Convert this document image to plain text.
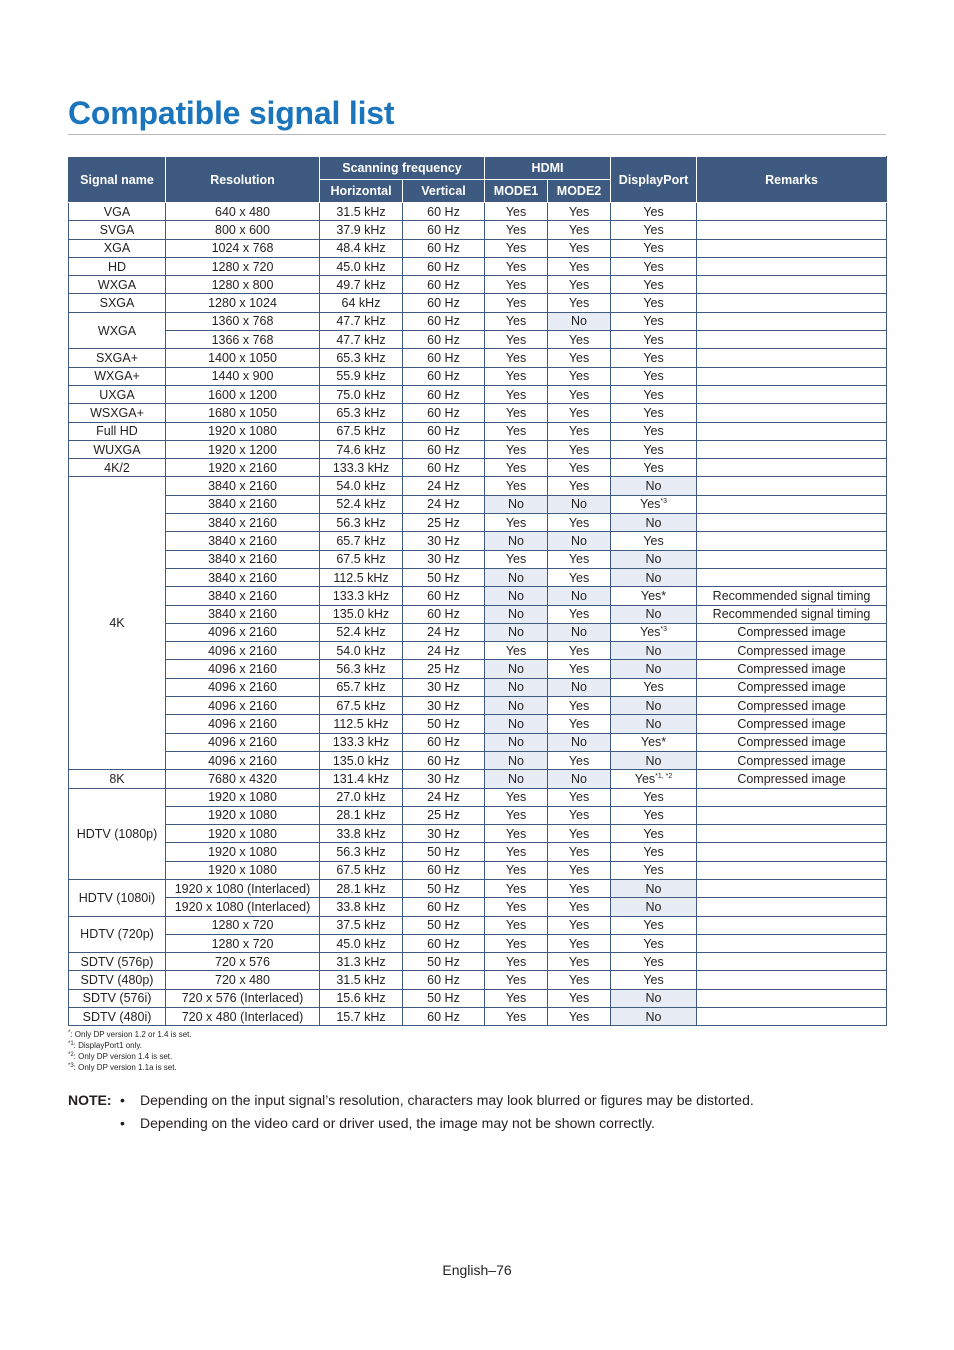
Compatible signal list
Signal name	Resolution	Scanning frequency		HDMI		DisplayPort	Remarks
		Horizontal	Vertical	MODE1	MODE2		
VGA	640 x 480	31.5 kHz	60 Hz	Yes	Yes	Yes	
SVGA	800 x 600	37.9 kHz	60 Hz	Yes	Yes	Yes	
XGA	1024 x 768	48.4 kHz	60 Hz	Yes	Yes	Yes	
HD	1280 x 720	45.0 kHz	60 Hz	Yes	Yes	Yes	
WXGA	1280 x 800	49.7 kHz	60 Hz	Yes	Yes	Yes	
SXGA	1280 x 1024	64 kHz	60 Hz	Yes	Yes	Yes	
WXGA	1360 x 768	47.7 kHz	60 Hz	Yes	No	Yes	
	1366 x 768	47.7 kHz	60 Hz	Yes	Yes	Yes	
SXGA+	1400 x 1050	65.3 kHz	60 Hz	Yes	Yes	Yes	
WXGA+	1440 x 900	55.9 kHz	60 Hz	Yes	Yes	Yes	
UXGA	1600 x 1200	75.0 kHz	60 Hz	Yes	Yes	Yes	
WSXGA+	1680 x 1050	65.3 kHz	60 Hz	Yes	Yes	Yes	
Full HD	1920 x 1080	67.5 kHz	60 Hz	Yes	Yes	Yes	
WUXGA	1920 x 1200	74.6 kHz	60 Hz	Yes	Yes	Yes	
4K/2	1920 x 2160	133.3 kHz	60 Hz	Yes	Yes	Yes	
4K	3840 x 2160	54.0 kHz	24 Hz	Yes	Yes	No	
	3840 x 2160	52.4 kHz	24 Hz	No	No	Yes$^{*3}$	
	3840 x 2160	56.3 kHz	25 Hz	Yes	Yes	No	
	3840 x 2160	65.7 kHz	30 Hz	No	No	Yes	
	3840 x 2160	67.5 kHz	30 Hz	Yes	Yes	No	
	3840 x 2160	112.5 kHz	50 Hz	No	Yes	No	
	3840 x 2160	133.3 kHz	60 Hz	No	No	Yes*	Recommended signal timing
	3840 x 2160	135.0 kHz	60 Hz	No	Yes	No	Recommended signal timing
	4096 x 2160	52.4 kHz	24 Hz	No	No	Yes$^{*3}$	Compressed image
	4096 x 2160	54.0 kHz	24 Hz	Yes	Yes	No	Compressed image
	4096 x 2160	56.3 kHz	25 Hz	No	Yes	No	Compressed image
	4096 x 2160	65.7 kHz	30 Hz	No	No	Yes	Compressed image
	4096 x 2160	67.5 kHz	30 Hz	No	Yes	No	Compressed image
	4096 x 2160	112.5 kHz	50 Hz	No	Yes	No	Compressed image
	4096 x 2160	133.3 kHz	60 Hz	No	No	Yes*	Compressed image
	4096 x 2160	135.0 kHz	60 Hz	No	Yes	No	Compressed image
8K	7680 x 4320	131.4 kHz	30 Hz	No	No	Yes$^{*1, *2}$	Compressed image
HDTV (1080p)	1920 x 1080	27.0 kHz	24 Hz	Yes	Yes	Yes	
	1920 x 1080	28.1 kHz	25 Hz	Yes	Yes	Yes	
	1920 x 1080	33.8 kHz	30 Hz	Yes	Yes	Yes	
	1920 x 1080	56.3 kHz	50 Hz	Yes	Yes	Yes	
	1920 x 1080	67.5 kHz	60 Hz	Yes	Yes	Yes	
HDTV (1080i)	1920 x 1080 (Interlaced)	28.1 kHz	50 Hz	Yes	Yes	No	
	1920 x 1080 (Interlaced)	33.8 kHz	60 Hz	Yes	Yes	No	
HDTV (720p)	1280 x 720	37.5 kHz	50 Hz	Yes	Yes	Yes	
	1280 x 720	45.0 kHz	60 Hz	Yes	Yes	Yes	
SDTV (576p)	720 x 576	31.3 kHz	50 Hz	Yes	Yes	Yes	
SDTV (480p)	720 x 480	31.5 kHz	60 Hz	Yes	Yes	Yes	
SDTV (576i)	720 x 576 (Interlaced)	15.6 kHz	50 Hz	Yes	Yes	No	
SDTV (480i)	720 x 480 (Interlaced)	15.7 kHz	60 Hz	Yes	Yes	No	
*: Only DP version 1.2 or 1.4 is set.
$^{*1}$: DisplayPort1 only.
$^{*2}$: Only DP version 1.4 is set.
$^{*3}$: Only DP version 1.1a is set.
NOTE: • Depending on the input signal’s resolution, characters may look blurred or figures may be distorted.
• Depending on the video card or driver used, the image may not be shown correctly.
English–76
